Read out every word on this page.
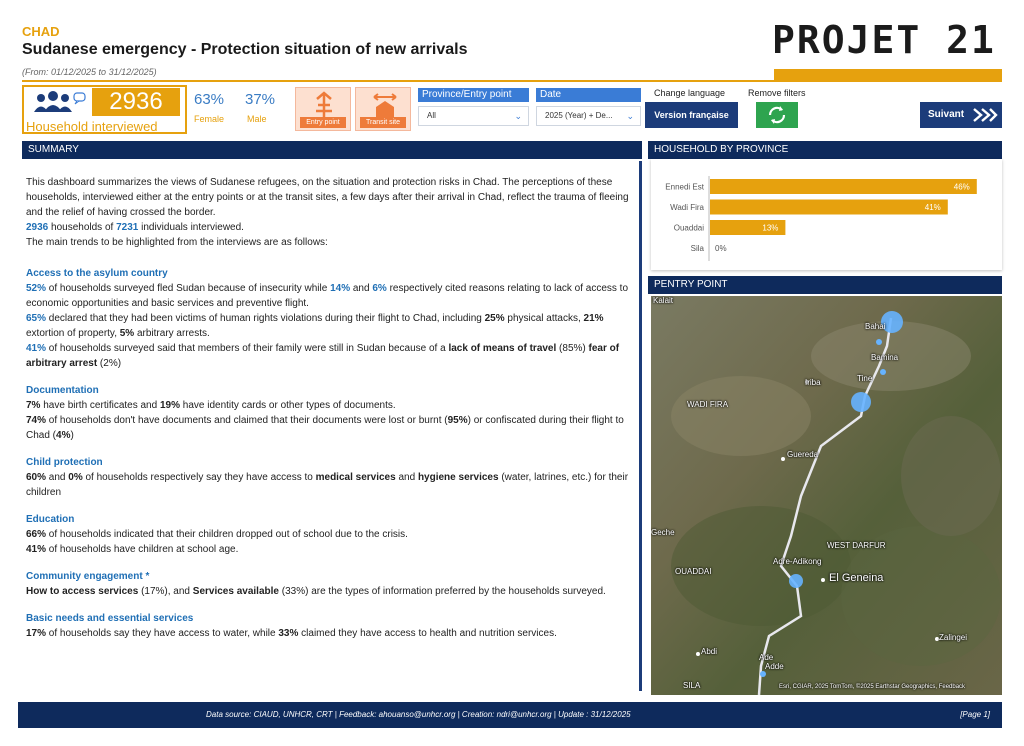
CHAD
Sudanese emergency - Protection situation of new arrivals
(From: 01/12/2025 to 31/12/2025)
PROJET 21
2936
Household interviewed
63%
Female
37%
Male	Entry point	Transit site
Province/Entry point
All	⌄
Date
2025 (Year) + De... ⌄
Change language
Version française
Remove filters
Suivant
SUMMARY

This dashboard summarizes the views of Sudanese refugees, on the situation and protection risks in Chad. The perceptions of these households, interviewed either at the entry points or at the transit sites, a few days after their arrival in Chad, reflect the trauma of fleeing and the relief of having crossed the border.

2936 households of 7231 individuals interviewed.

The main trends to be highlighted from the interviews are as follows:

Access to the asylum country

52% of households surveyed fled Sudan because of insecurity while 14% and 6% respectively cited reasons relating to lack of access to economic opportunities and basic services and preventive flight.

65% declared that they had been victims of human rights violations during their flight to Chad, including 25% physical attacks, 21% extortion of property, 5% arbitrary arrests.

41% of households surveyed said that members of their family were still in Sudan because of a lack of means of travel (85%) fear of arbitrary arrest (2%)

Documentation

7% have birth certificates and 19% have identity cards or other types of documents.

74% of households don't have documents and claimed that their documents were lost or burnt (95%) or confiscated during their flight to Chad (4%)

Child protection

60% and 0% of households respectively say they have access to medical services and hygiene services (water, latrines, etc.) for their children

Education

66% of households indicated that their children dropped out of school due to the crisis.

41% of households have children at school age.

Community engagement *

How to access services (17%), and Services available (33%) are the types of information preferred by the households surveyed.

Basic needs and essential services

17% of households say they have access to water, while 33% claimed they have access to health and nutrition services.

HOUSEHOLD BY PROVINCE
Ennedi Est	46%
Wadi Fira	41%
Ouaddai	13%
Sila 0%
PENTRY POINT
Kalait
Bahai
Bamina
Tine
Iriba
WADI FIRA
Guereda
Geche
WEST DARFUR
Adre-Adikong
OUADDAI
El Geneina
Zalingei
Abdi
Ade
Adde
SILA	Esri, CGIAR, 2025 TomTom, ©2025 Earthstar Geographics, Feedback
Data source: CIAUD, UNHCR, CRT | Feedback: ahouanso@unhcr.org | Creation: ndri@unhcr.org | Update : 31/12/2025	[Page 1]
